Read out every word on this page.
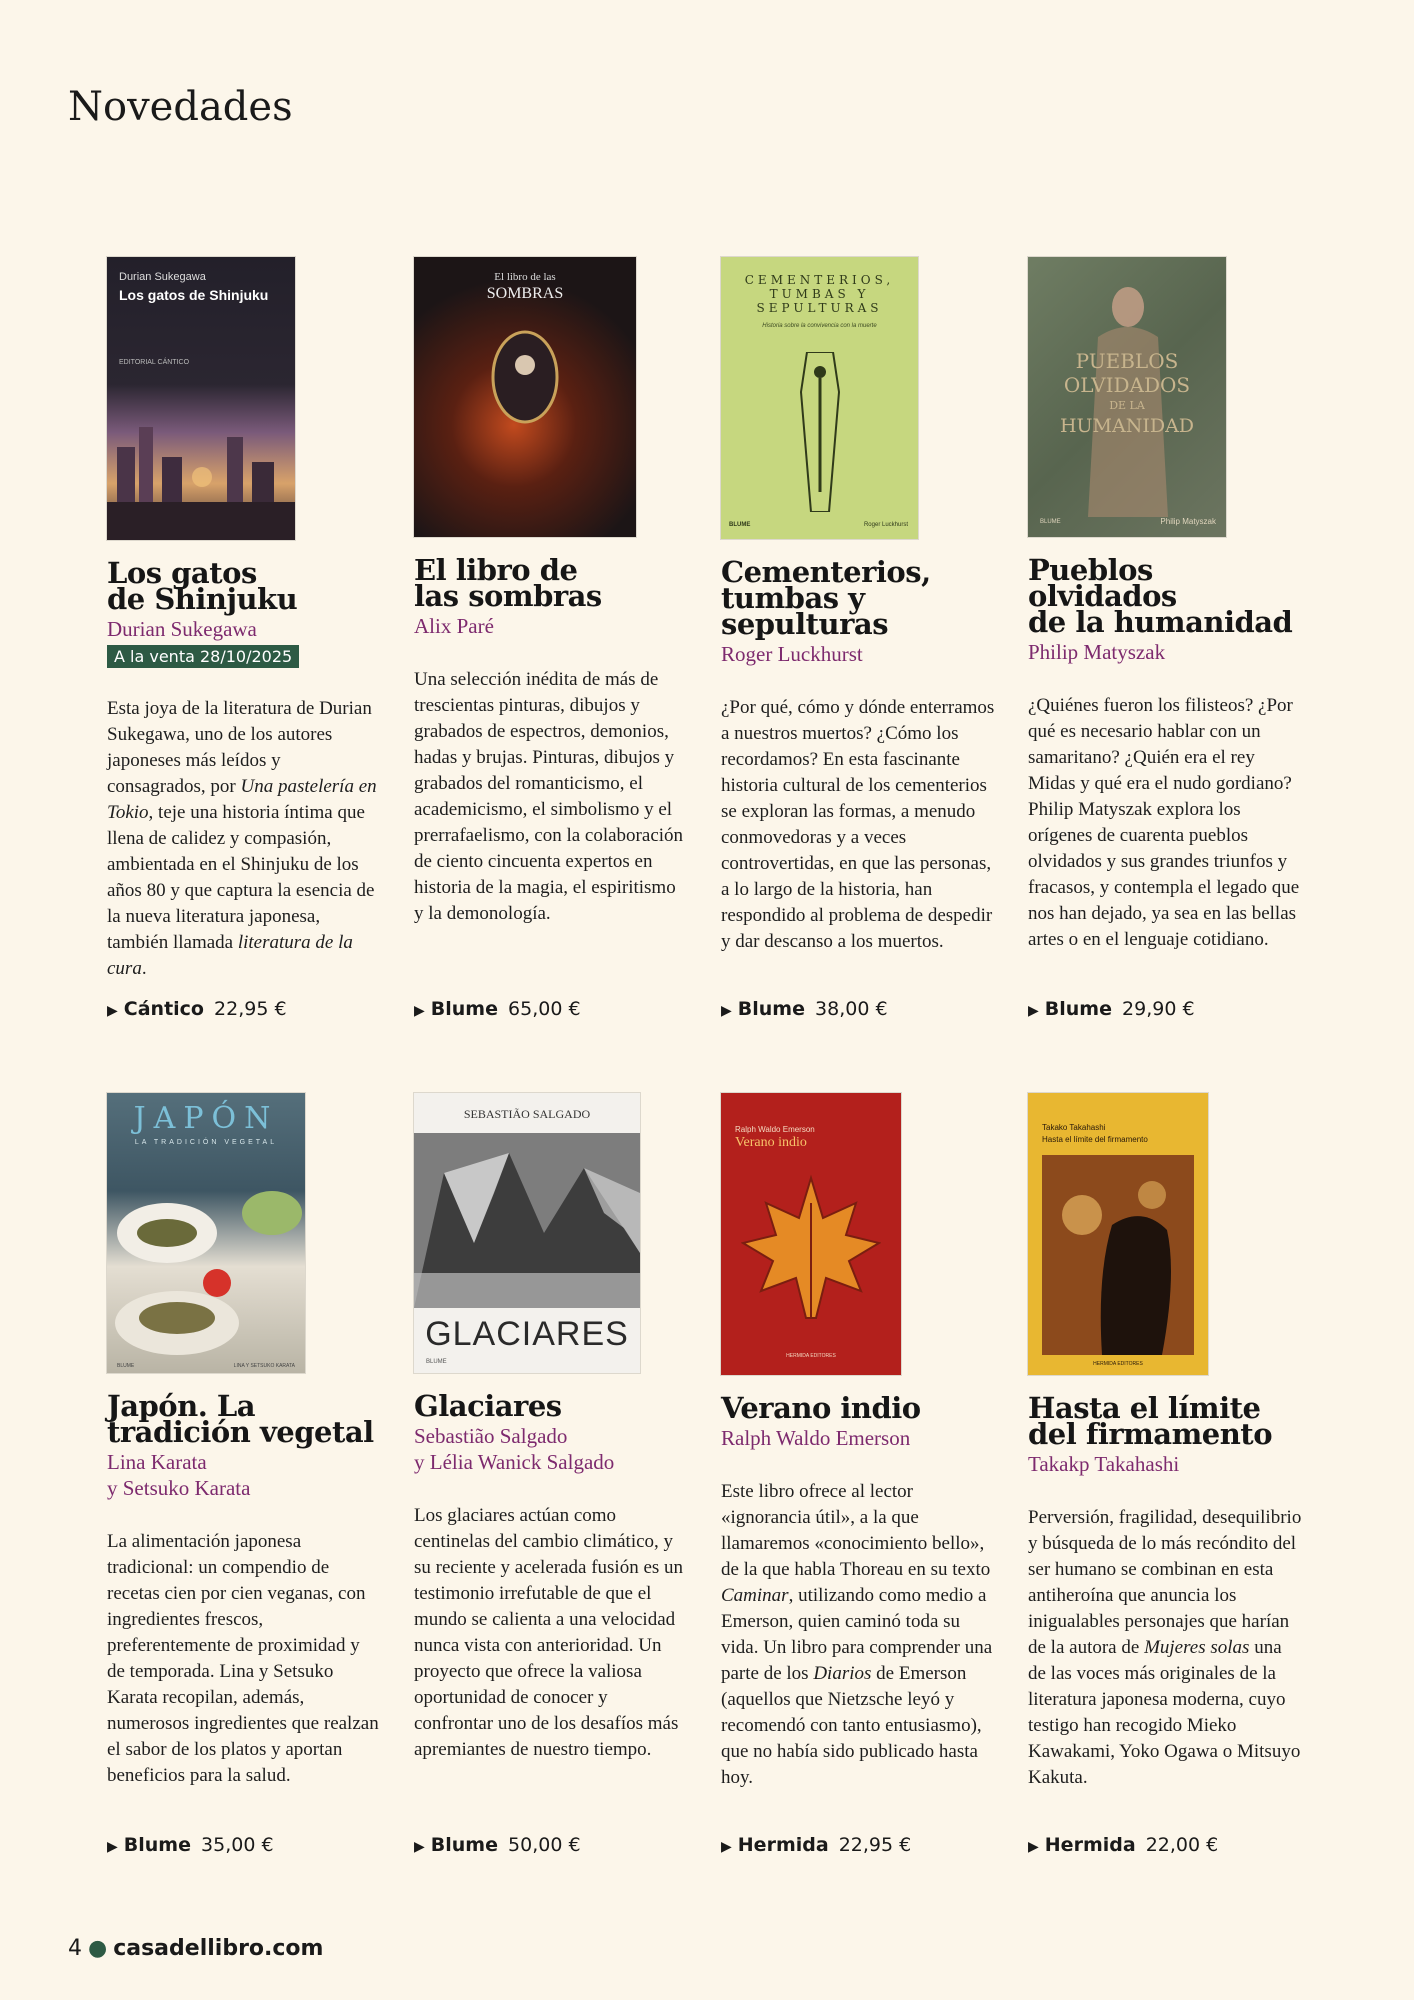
Novedades
Durian Sukegawa
Los gatos de Shinjuku
EDITORIAL CÁNTICO
Los gatos
de Shinjuku
Durian Sukegawa
A la venta 28/10/2025
Esta joya de la literatura de Durian Sukegawa, uno de los autores japoneses más leídos y consagrados, por Una pastelería en Tokio, teje una historia íntima que llena de calidez y compasión, ambientada en el Shinjuku de los años 80 y que captura la esencia de la nueva literatura japonesa, también llamada literatura de la cura.
▶ Cántico 22,95 €
El libro de las
SOMBRAS
El libro de
las sombras
Alix Paré
Una selección inédita de más de trescientas pinturas, dibujos y grabados de espectros, demonios, hadas y brujas. Pinturas, dibujos y grabados del romanticismo, el academicismo, el simbolismo y el prerrafaelismo, con la colaboración de ciento cincuenta expertos en historia de la magia, el espiritismo y la demonología.
▶ Blume 65,00 €
CEMENTERIOS, TUMBAS Y SEPULTURAS
Historia sobre la convivencia con la muerte
BLUME	Roger Luckhurst
Cementerios,
tumbas y
sepulturas
Roger Luckhurst
¿Por qué, cómo y dónde enterramos a nuestros muertos? ¿Cómo los recordamos? En esta fascinante historia cultural de los cementerios se exploran las formas, a menudo conmovedoras y a veces controvertidas, en que las personas, a lo largo de la historia, han respondido al problema de despedir y dar descanso a los muertos.
▶ Blume 38,00 €
PUEBLOS
OLVIDADOS
DE LA
HUMANIDAD
BLUME	Philip Matyszak
Pueblos olvidados
de la humanidad
Philip Matyszak
¿Quiénes fueron los filisteos? ¿Por qué es necesario hablar con un samaritano? ¿Quién era el rey Midas y qué era el nudo gordiano? Philip Matyszak explora los orígenes de cuarenta pueblos olvidados y sus grandes triunfos y fracasos, y contempla el legado que nos han dejado, ya sea en las bellas artes o en el lenguaje cotidiano.
▶ Blume 29,90 €
JAPÓN
LA TRADICIÓN VEGETAL
BLUME	LINA Y SETSUKO KARATA
Japón. La
tradición vegetal
Lina Karata
y Setsuko Karata
La alimentación japonesa tradicional: un compendio de recetas cien por cien veganas, con ingredientes frescos, preferentemente de proximidad y de temporada. Lina y Setsuko Karata recopilan, además, numerosos ingredientes que realzan el sabor de los platos y aportan beneficios para la salud.
▶ Blume 35,00 €
SEBASTIÃO SALGADO
GLACIARES
BLUME
Glaciares
Sebastião Salgado
y Lélia Wanick Salgado
Los glaciares actúan como centinelas del cambio climático, y su reciente y acelerada fusión es un testimonio irrefutable de que el mundo se calienta a una velocidad nunca vista con anterioridad. Un proyecto que ofrece la valiosa oportunidad de conocer y confrontar uno de los desafíos más apremiantes de nuestro tiempo.
▶ Blume 50,00 €
Ralph Waldo Emerson
Verano indio
HERMIDA EDITORES
Verano indio
Ralph Waldo Emerson
Este libro ofrece al lector «ignorancia útil», a la que llamaremos «conocimiento bello», de la que habla Thoreau en su texto Caminar, utilizando como medio a Emerson, quien caminó toda su vida. Un libro para comprender una parte de los Diarios de Emerson (aquellos que Nietzsche leyó y recomendó con tanto entusiasmo), que no había sido publicado hasta hoy.
▶ Hermida 22,95 €
Takako Takahashi
Hasta el límite del firmamento
HERMIDA EDITORES
Hasta el límite
del firmamento
Takakp Takahashi
Perversión, fragilidad, desequilibrio y búsqueda de lo más recóndito del ser humano se combinan en esta antiheroína que anuncia los inigualables personajes que harían de la autora de Mujeres solas una de las voces más originales de la literatura japonesa moderna, cuyo testigo han recogido Mieko Kawakami, Yoko Ogawa o Mitsuyo Kakuta.
▶ Hermida 22,00 €
4 ● casadellibro.com
